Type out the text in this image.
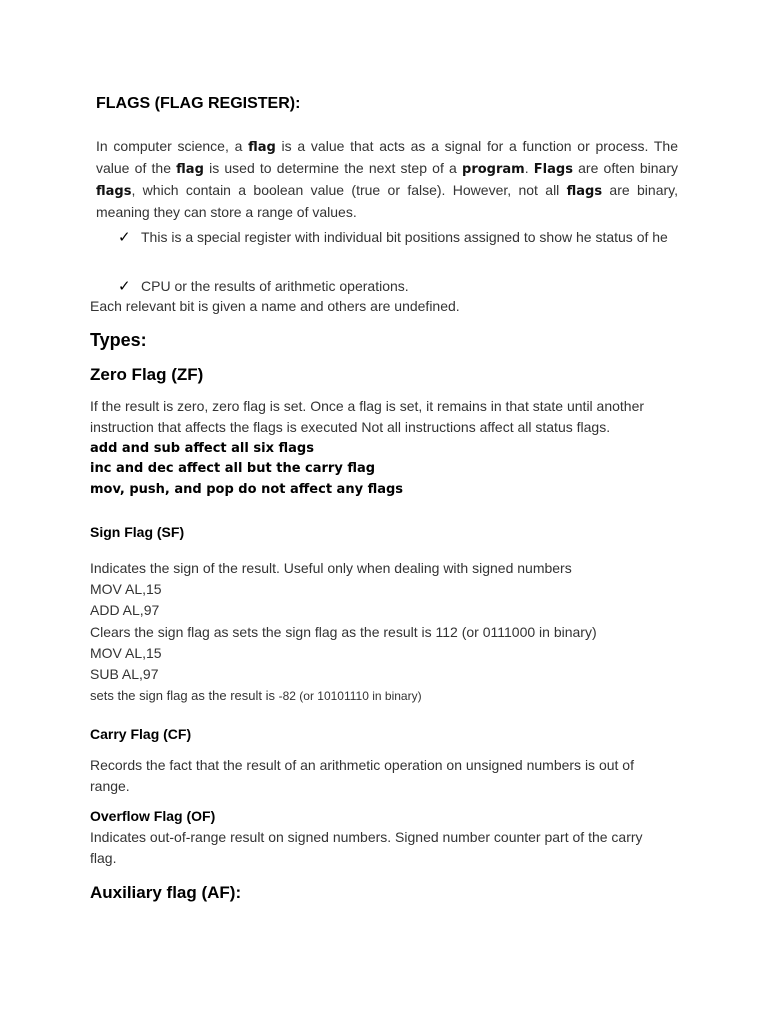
FLAGS (FLAG REGISTER):
In computer science, a flag is a value that acts as a signal for a function or process. The value of the flag is used to determine the next step of a program. Flags are often binary flags, which contain a boolean value (true or false). However, not all flags are binary, meaning they can store a range of values.
✓ This is a special register with individual bit positions assigned to show he status of he
✓ CPU or the results of arithmetic operations.
Each relevant bit is given a name and others are undefined.
Types:
Zero Flag (ZF)
If the result is zero, zero flag is set. Once a flag is set, it remains in that state until another
instruction that affects the flags is executed Not all instructions affect all status flags.
add and sub affect all six flags
inc and dec affect all but the carry flag
mov, push, and pop do not affect any flags
Sign Flag (SF)
Indicates the sign of the result. Useful only when dealing with signed numbers
MOV AL,15
ADD AL,97
Clears the sign flag as sets the sign flag as the result is 112 (or 0111000 in binary)
MOV AL,15
SUB AL,97
sets the sign flag as the result is -82 (or 10101110 in binary)
Carry Flag (CF)
Records the fact that the result of an arithmetic operation on unsigned numbers is out of
range.
Overflow Flag (OF)
Indicates out-of-range result on signed numbers. Signed number counter part of the carry
flag.
Auxiliary flag (AF):
